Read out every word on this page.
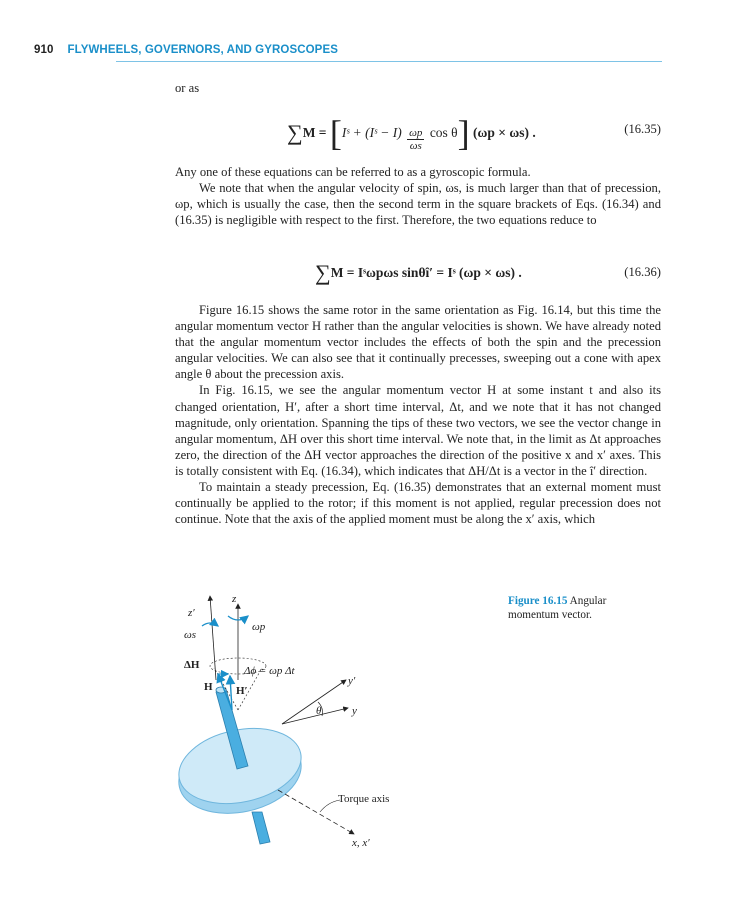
910 FLYWHEELS, GOVERNORS, AND GYROSCOPES

or as

∑M = [Iˢ + (Iˢ − $I) \frac{\omega p}{\omega s}$ cos θ] (ωp × ωs) .	(16.35)

Any one of these equations can be referred to as a gyroscopic formula.

We note that when the angular velocity of spin, ωs, is much larger than that of precession, ωp, which is usually the case, then the second term in the square brackets of Eqs. (16.34) and (16.35) is negligible with respect to the first. Therefore, the two equations reduce to

∑M = Iˢωpωs sinθî′ = Iˢ (ωp × ωs) .	(16.36)

Figure 16.15 shows the same rotor in the same orientation as Fig. 16.14, but this time the angular momentum vector H rather than the angular velocities is shown. We have already noted that the angular momentum vector includes the effects of both the spin and the precession angular velocities. We can also see that it continually precesses, sweeping out a cone with apex angle θ about the precession axis.

In Fig. 16.15, we see the angular momentum vector H at some instant t and also its changed orientation, H′, after a short time interval, Δt, and we note that it has not changed magnitude, only orientation. Spanning the tips of these two vectors, we see the vector change in angular momentum, ΔH over this short time interval. We note that, in the limit as Δt approaches zero, the direction of the ΔH vector approaches the direction of the positive x and x′ axes. This is totally consistent with Eq. (16.34), which indicates that ΔH/Δt is a vector in the î′ direction.

To maintain a steady precession, Eq. (16.35) demonstrates that an external moment must continually be applied to the rotor; if this moment is not applied, regular precession does not continue. Note that the axis of the applied moment must be along the x′ axis, which

Figure 16.15 Angular momentum vector.
z′
z
ωs
ωp
ΔH
H H′
Δϕ = ωp Δt
y′
θ	y
Torque axis
x, x′
